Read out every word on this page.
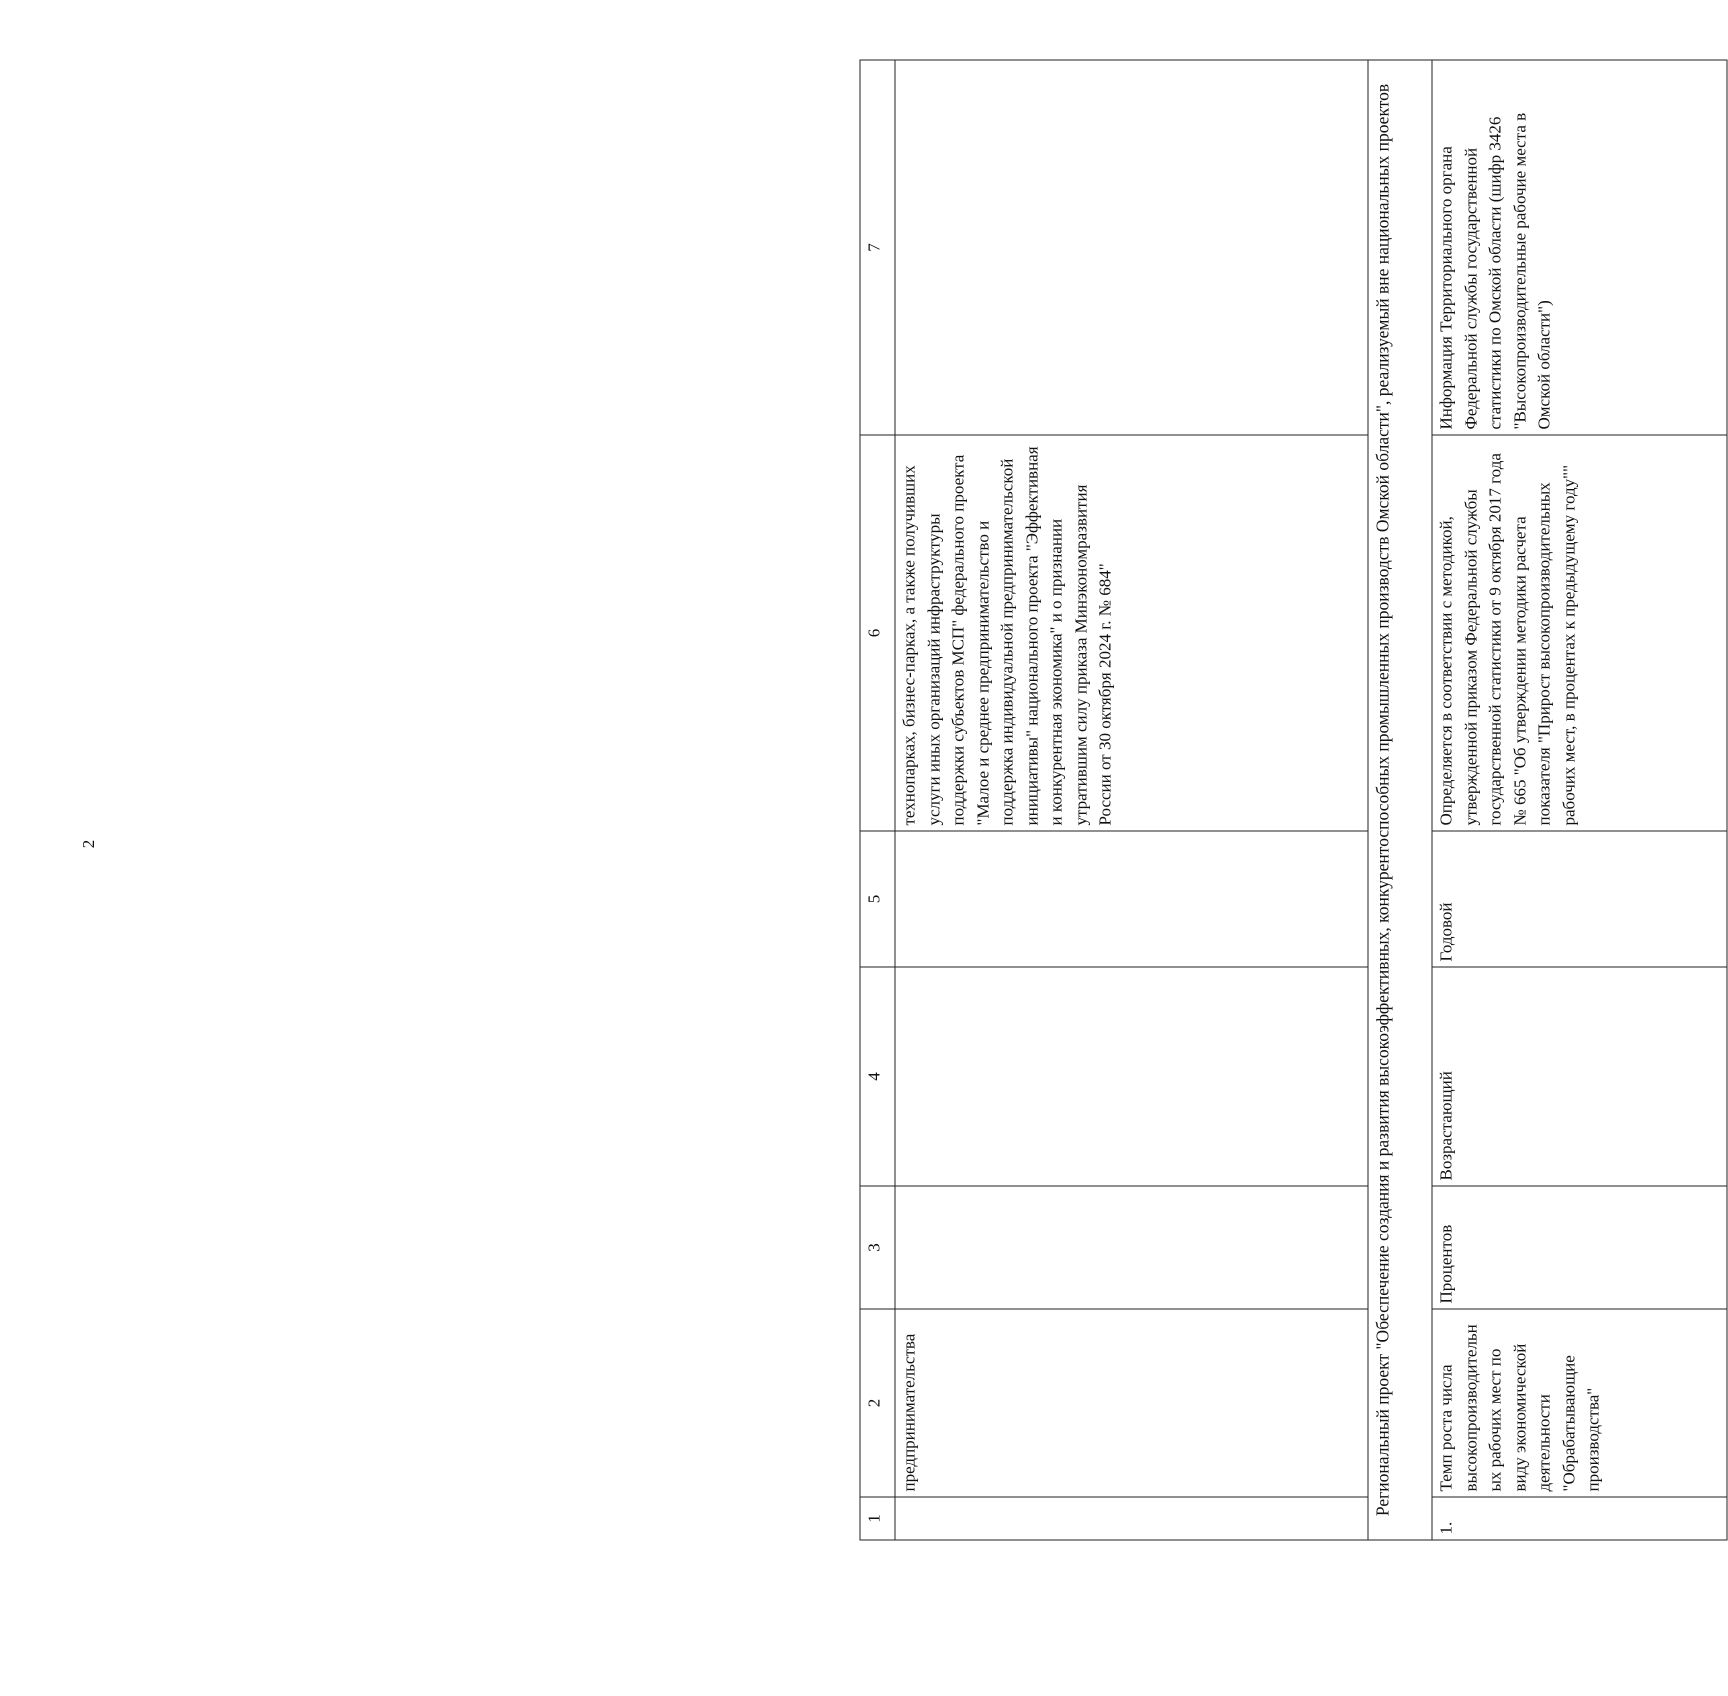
2
1	2	3	4	5	6	7
	предпринимательства				технопарках, бизнес-парках, а также получивших услуги иных организаций инфраструктуры поддержки субъектов МСП" федерального проекта "Малое и среднее предпринимательство и поддержка индивидуальной предпринимательской инициативы" национального проекта "Эффективная и конкурентная экономика" и о признании утратившим силу приказа Минэкономразвития России от 30 октября 2024 г. № 684"	
Региональный проект "Обеспечение создания и развития высокоэффективных, конкурентоспособных промышленных производств Омской области", реализуемый вне национальных проектов						
1.	Темп роста числа высокопроизводительных рабочих мест по виду экономической деятельности "Обрабатывающие производства"	Процентов	Возрастающий	Годовой	Определяется в соответствии с методикой, утвержденной приказом Федеральной службы государственной статистики от 9 октября 2017 года № 665 "Об утверждении методики расчета показателя "Прирост высокопроизводительных рабочих мест, в процентах к предыдущему году""	Информация Территориального органа Федеральной службы государственной статистики по Омской области (шифр 3426 "Высокопроизводительные рабочие места в Омской области")
